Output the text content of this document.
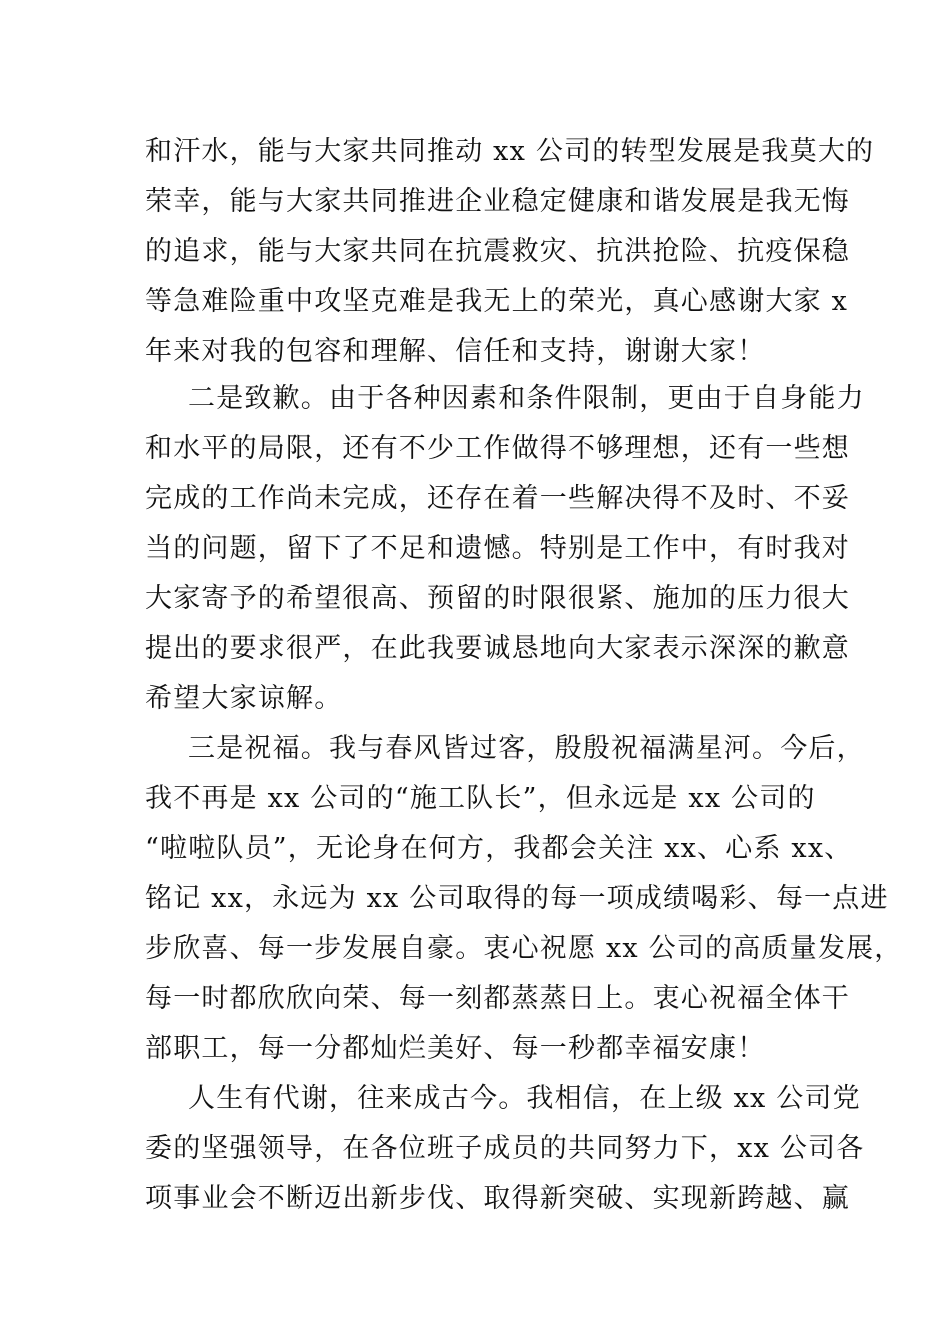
和汗水，能与大家共同推动 xx 公司的转型发展是我莫大的
荣幸，能与大家共同推进企业稳定健康和谐发展是我无悔
的追求，能与大家共同在抗震救灾、抗洪抢险、抗疫保稳
等急难险重中攻坚克难是我无上的荣光，真心感谢大家 x
年来对我的包容和理解、信任和支持，谢谢大家！
二是致歉。由于各种因素和条件限制，更由于自身能力
和水平的局限，还有不少工作做得不够理想，还有一些想
完成的工作尚未完成，还存在着一些解决得不及时、不妥
当的问题，留下了不足和遗憾。特别是工作中，有时我对
大家寄予的希望很高、预留的时限很紧、施加的压力很大
提出的要求很严，在此我要诚恳地向大家表示深深的歉意
希望大家谅解。
三是祝福。我与春风皆过客，殷殷祝福满星河。今后，
我不再是 xx 公司的“施工队长”，但永远是 xx 公司的
“啦啦队员”，无论身在何方，我都会关注 xx、心系 xx、
铭记 xx，永远为 xx 公司取得的每一项成绩喝彩、每一点进
步欣喜、每一步发展自豪。衷心祝愿 xx 公司的高质量发展，
每一时都欣欣向荣、每一刻都蒸蒸日上。衷心祝福全体干
部职工，每一分都灿烂美好、每一秒都幸福安康！
人生有代谢，往来成古今。我相信，在上级 xx 公司党
委的坚强领导，在各位班子成员的共同努力下，xx 公司各
项事业会不断迈出新步伐、取得新突破、实现新跨越、赢
